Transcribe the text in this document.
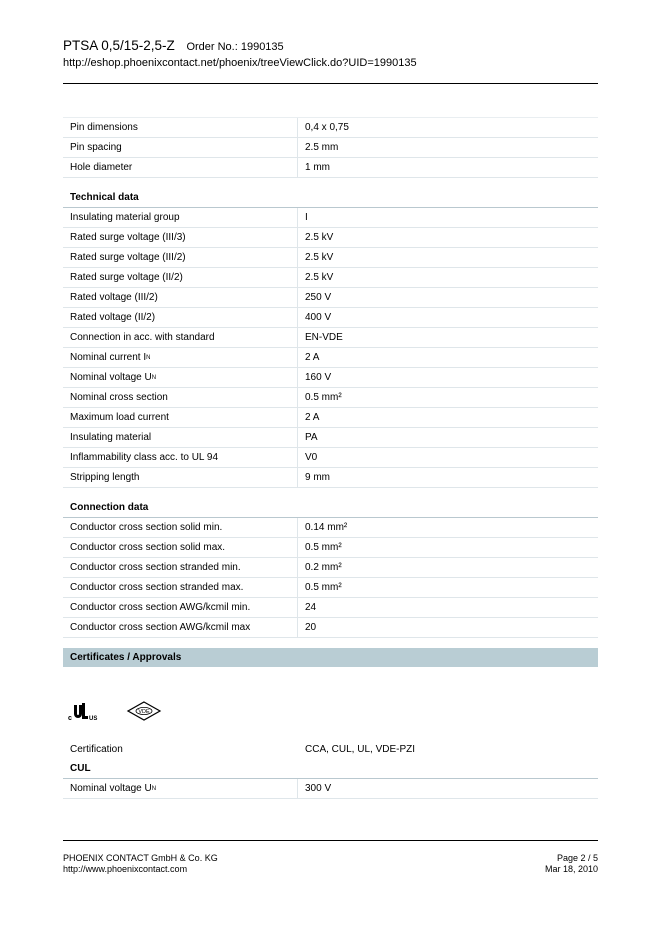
PTSA 0,5/15-2,5-Z Order No.: 1990135
http://eshop.phoenixcontact.net/phoenix/treeViewClick.do?UID=1990135
Pin dimensions	0,4 x 0,75
Pin spacing	2.5 mm
Hole diameter	1 mm
Technical data
Insulating material group	I
Rated surge voltage (III/3)	2.5 kV
Rated surge voltage (III/2)	2.5 kV
Rated surge voltage (II/2)	2.5 kV
Rated voltage (III/2)	250 V
Rated voltage (II/2)	400 V
Connection in acc. with standard	EN-VDE
Nominal current I N	2 A
Nominal voltage U N	160 V
Nominal cross section	0.5 mm²
Maximum load current	2 A
Insulating material	PA
Inflammability class acc. to UL 94	V0
Stripping length	9 mm
Connection data
Conductor cross section solid min.	0.14 mm²
Conductor cross section solid max.	0.5 mm²
Conductor cross section stranded min.	0.2 mm²
Conductor cross section stranded max.	0.5 mm²
Conductor cross section AWG/kcmil min.	24
Conductor cross section AWG/kcmil max	20
Certificates / Approvals
c	US
VDE
Certification	CCA, CUL, UL, VDE-PZI
CUL
Nominal voltage U N	300 V
PHOENIX CONTACT GmbH & Co. KG
http://www.phoenixcontact.com
Page 2 / 5
Mar 18, 2010
